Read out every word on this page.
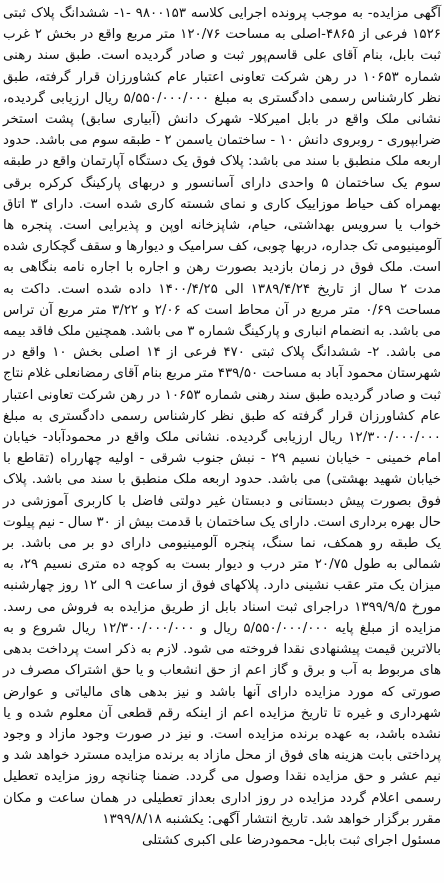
آگهی مزایده- به موجب پرونده اجرایی کلاسه ۹۸۰۰۱۵۳ -۱- ششدانگ پلاک ثبتی ۱۵۲۶ فرعی از ۴۸۶۵-اصلی به مساحت ۱۲۰/۷۶ متر مربع واقع در بخش ۲ غرب ثبت بابل، بنام آقای علی قاسم‌پور ثبت و صادر گردیده است. طبق سند رهنی شماره ۱۰۶۵۳ در رهن شرکت تعاونی اعتبار عام کشاورزان قرار گرفته، طبق نظر کارشناس رسمی دادگستری به مبلغ ۵/۵۵۰/۰۰۰/۰۰۰ ریال ارزیابی گردیده، نشانی ملک واقع در بابل امیرکلا- شهرک دانش (آبیاری سابق) پشت استخر ضرابپوری - روبروی دانش ۱۰ - ساختمان یاسمن ۲ - طبقه سوم می باشد. حدود اربعه ملک منطبق با سند می باشد: پلاک فوق یک دستگاه آپارتمان واقع در طبقه سوم یک ساختمان ۵ واحدی دارای آسانسور و دربهای پارکینگ کرکره برقی بهمراه کف حیاط موزاییک کاری و نمای شسته کاری شده است. دارای ۳ اتاق خواب یا سرویس بهداشتی، حیام، شاپزخانه اوپن و پذیرایی است. پنجره ها آلومینیومی تک جداره، دربها چوبی، کف سرامیک و دیوارها و سقف گچکاری شده است. ملک فوق در زمان بازدید بصورت رهن و اجاره با اجاره نامه بنگاهی به مدت ۲ سال از تاریخ ۱۳۸۹/۴/۲۴ الی ۱۴۰۰/۴/۲۵ داده شده است. داکت به مساحت ۰/۶۹ متر مربع در آن محاط است که ۲/۰۶ و ۳/۲۲ متر مربع آن تراس می باشد. به انضمام انباری و پارکینگ شماره ۳ می باشد. همچنین ملک فاقد بیمه می باشد. ۲- ششدانگ پلاک ثبتی ۴۷۰ فرعی از ۱۴ اصلی بخش ۱۰ واقع در شهرستان محمود آباد به مساحت ۴۳۹/۵۰ متر مربع بنام آقای رمضانعلی غلام نتاج ثبت و صادر گردیده طبق سند رهنی شماره ۱۰۶۵۳ در رهن شرکت تعاونی اعتبار عام کشاورزان قرار گرفته که طبق نظر کارشناس رسمی دادگستری به مبلغ ۱۲/۳۰۰/۰۰۰/۰۰۰ ریال ارزیابی گردیده. نشانی ملک واقع در محمودآباد- خیابان امام خمینی - خیابان نسیم ۲۹ - نبش جنوب شرقی - اولیه چهارراه (تقاطع با خیابان شهید بهشتی) می باشد. حدود اربعه ملک منطبق با سند می باشد. پلاک فوق بصورت پیش دبستانی و دبستان غیر دولتی فاضل با کاربری آموزشی در حال بهره برداری است. دارای یک ساختمان با قدمت بیش از ۳۰ سال - نیم پیلوت یک طبقه رو همکف، نما سنگ، پنجره آلومینیومی دارای دو بر می باشد. بر شمالی به طول ۲۰/۷۵ متر درب و دیوار بست به کوچه ده متری نسیم ۲۹، به میزان یک متر عقب نشینی دارد. پلاکهای فوق از ساعت ۹ الی ۱۲ روز چهارشنبه مورخ ۱۳۹۹/۹/۵ دراجرای ثبت اسناد بابل از طریق مزایده به فروش می رسد. مزایده از مبلغ پایه ۵/۵۵۰/۰۰۰/۰۰۰ ریال و ۱۲/۳۰۰/۰۰۰/۰۰۰ ریال شروع و به بالاترین قیمت پیشنهادی نقدا فروخته می شود. لازم به ذکر است پرداخت بدهی های مربوط به آب و برق و گاز اعم از حق انشعاب و یا حق اشتراک مصرف در صورتی که مورد مزایده دارای آنها باشد و نیز بدهی های مالیاتی و عوارض شهرداری و غیره تا تاریخ مزایده اعم از اینکه رقم قطعی آن معلوم شده و یا نشده باشد، به عهده برنده مزایده است. و نیز در صورت وجود مازاد و وجود پرداختی بابت هزینه های فوق از محل مازاد به برنده مزایده مسترد خواهد شد و نیم عشر و حق مزایده نقدا وصول می گردد. ضمنا چنانچه روز مزایده تعطیل رسمی اعلام گردد مزایده در روز اداری بعداز تعطیلی در همان ساعت و مکان مقرر برگزار خواهد شد. تاریخ انتشار آگهی: یکشنبه ۱۳۹۹/۸/۱۸
مسئول اجرای ثبت بابل- محمودرضا علی اکبری کشتلی
